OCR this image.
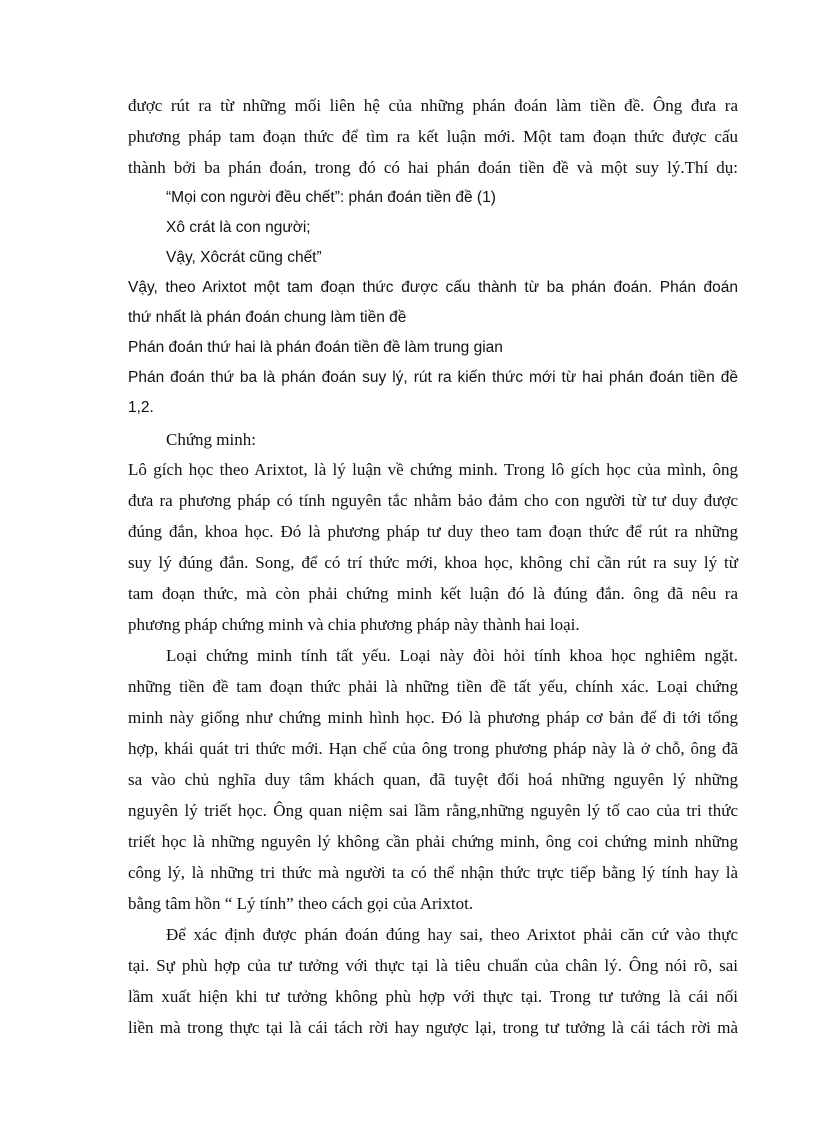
được rút ra từ những mối liên hệ của những phán đoán làm tiền đề. Ông đưa ra
phương pháp tam đoạn thức để tìm ra kết luận mới. Một tam đoạn thức được cấu
thành bởi ba phán đoán, trong đó có hai phán đoán tiền đề và một suy lý.Thí dụ:
“Mọi con người đều chết”: phán đoán tiền đề (1)
Xô crát là con người;
Vậy, Xôcrát cũng chết”
Vậy, theo Arixtot một tam đoạn thức được cấu thành từ ba phán đoán. Phán đoán
thứ nhất là phán đoán chung làm tiền đề
Phán đoán thứ hai là phán đoán tiền đề làm trung gian
Phán đoán thứ ba là phán đoán suy lý, rút ra kiến thức mới từ hai phán đoán tiền đề
1,2.
Chứng minh:
Lô gích học theo Arixtot, là lý luận về chứng minh. Trong lô gích học của mình, ông
đưa ra phương pháp có tính nguyên tắc nhằm bảo đảm cho con người từ tư duy được
đúng đắn, khoa học. Đó là phương pháp tư duy theo tam đoạn thức để rút ra những
suy lý đúng đắn. Song, để có trí thức mới, khoa học, không chỉ cần rút ra suy lý từ
tam đoạn thức, mà còn phải chứng minh kết luận đó là đúng đắn. ông đã nêu ra
phương pháp chứng minh và chia phương pháp này thành hai loại.
Loại chứng minh tính tất yếu. Loại này đòi hỏi tính khoa học nghiêm ngặt.
những tiền đề tam đoạn thức phải là những tiền đề tất yếu, chính xác. Loại chứng
minh này giống như chứng minh hình học. Đó là phương pháp cơ bản để đi tới tổng
hợp, khái quát tri thức mới. Hạn chế của ông trong phương pháp này là ở chỗ, ông đã
sa vào chủ nghĩa duy tâm khách quan, đã tuyệt đối hoá những nguyên lý những
nguyên lý triết học. Ông quan niệm sai lầm rằng,những nguyên lý tố cao của tri thức
triết học là những nguyên lý không cần phải chứng minh, ông coi chứng minh những
công lý, là những tri thức mà người ta có thể nhận thức trực tiếp bằng lý tính hay là
bằng tâm hồn “ Lý tính” theo cách gọi của Arixtot.
Để xác định được phán đoán đúng hay sai, theo Arixtot phải căn cứ vào thực
tại. Sự phù hợp của tư tưởng với thực tại là tiêu chuẩn của chân lý. Ông nói rõ, sai
lầm xuất hiện khi tư tưởng không phù hợp với thực tại. Trong tư tưởng là cái nối
liền mà trong thực tại là cái tách rời hay ngược lại, trong tư tưởng là cái tách rời mà
